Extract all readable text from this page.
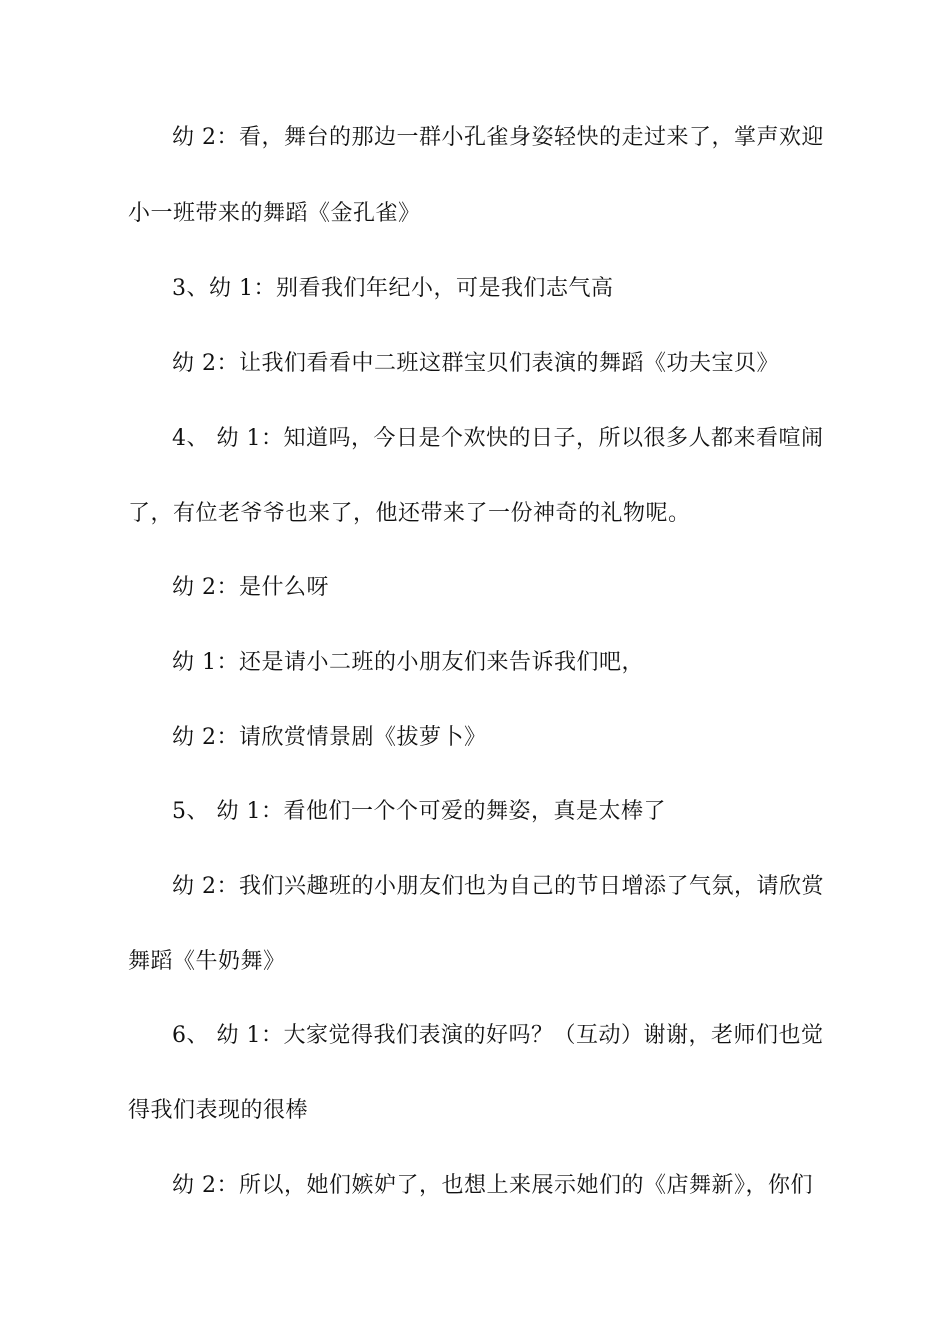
幼 2：看，舞台的那边一群小孔雀身姿轻快的走过来了，掌声欢迎
小一班带来的舞蹈《金孔雀》
3、幼 1：别看我们年纪小，可是我们志气高
幼 2：让我们看看中二班这群宝贝们表演的舞蹈《功夫宝贝》
4、 幼 1：知道吗，今日是个欢快的日子，所以很多人都来看喧闹
了，有位老爷爷也来了，他还带来了一份神奇的礼物呢。
幼 2：是什么呀
幼 1：还是请小二班的小朋友们来告诉我们吧，
幼 2：请欣赏情景剧《拔萝卜》
5、 幼 1：看他们一个个可爱的舞姿，真是太棒了
幼 2：我们兴趣班的小朋友们也为自己的节日增添了气氛，请欣赏
舞蹈《牛奶舞》
6、 幼 1：大家觉得我们表演的好吗？（互动）谢谢，老师们也觉
得我们表现的很棒
幼 2：所以，她们嫉妒了，也想上来展示她们的《店舞新》，你们
